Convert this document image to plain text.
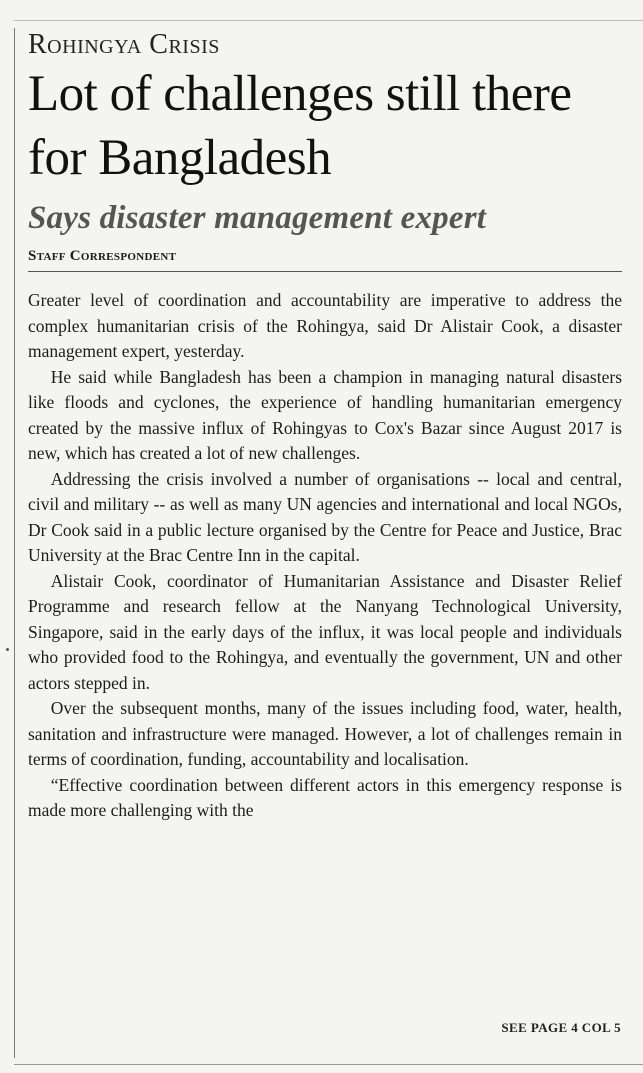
Rohingya Crisis
Lot of challenges still there for Bangladesh
Says disaster management expert
Staff Correspondent

Greater level of coordination and accountability are imperative to address the complex humanitarian crisis of the Rohingya, said Dr Alistair Cook, a disaster management expert, yesterday.

He said while Bangladesh has been a champion in managing natural disasters like floods and cyclones, the experience of handling humanitarian emergency created by the massive influx of Rohingyas to Cox's Bazar since August 2017 is new, which has created a lot of new challenges.

Addressing the crisis involved a number of organisations -- local and central, civil and military -- as well as many UN agencies and international and local NGOs, Dr Cook said in a public lecture organised by the Centre for Peace and Justice, Brac University at the Brac Centre Inn in the capital.

Alistair Cook, coordinator of Humanitarian Assistance and Disaster Relief Programme and research fellow at the Nanyang Technological University, Singapore, said in the early days of the influx, it was local people and individuals who provided food to the Rohingya, and eventually the government, UN and other actors stepped in.

Over the subsequent months, many of the issues including food, water, health, sanitation and infrastructure were managed. However, a lot of challenges remain in terms of coordination, funding, accountability and localisation.

“Effective coordination between different actors in this emergency response is made more challenging with the

SEE PAGE 4 COL 5
